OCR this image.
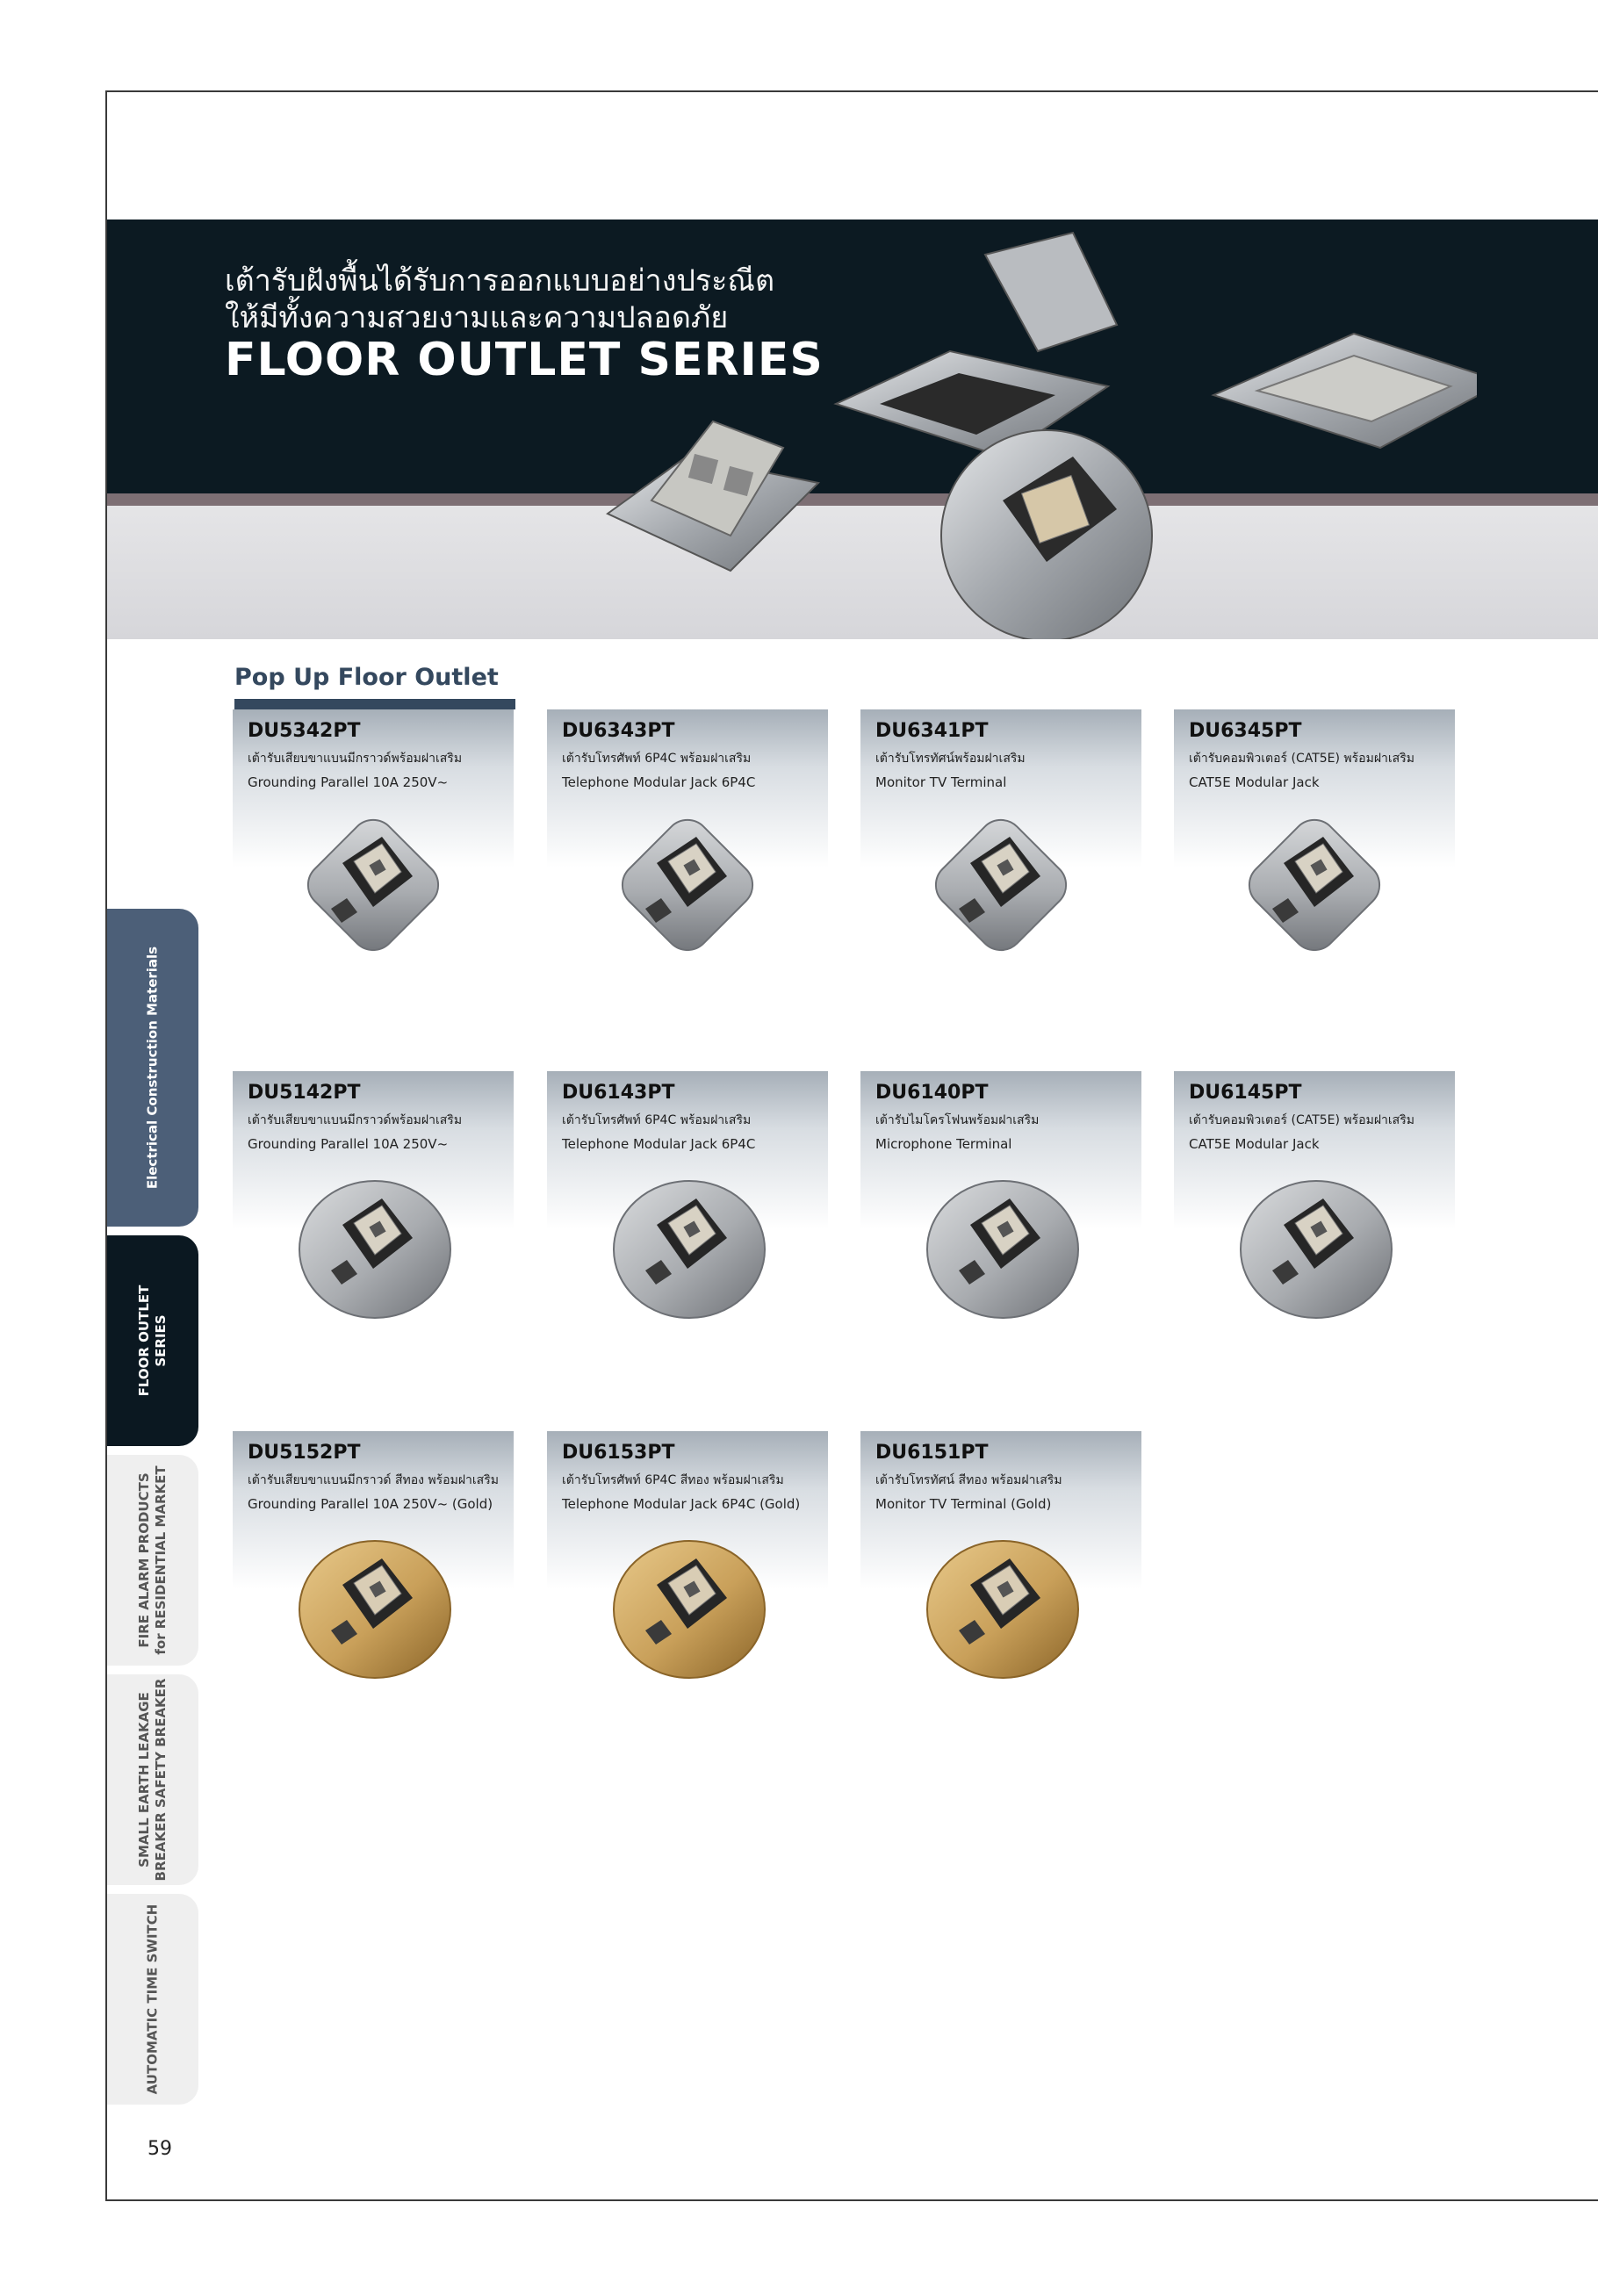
เต้ารับฝังพื้นได้รับการออกแบบอย่างประณีต
ให้มีทั้งความสวยงามและความปลอดภัย
FLOOR OUTLET SERIES
Pop Up Floor Outlet
DU5342PT
เต้ารับเสียบขาแบนมีกราวด์พร้อมฝาเสริม
Grounding Parallel 10A 250V~
DU6343PT
เต้ารับโทรศัพท์ 6P4C พร้อมฝาเสริม
Telephone Modular Jack 6P4C
DU6341PT
เต้ารับโทรทัศน์พร้อมฝาเสริม
Monitor TV Terminal
DU6345PT
เต้ารับคอมพิวเตอร์ (CAT5E) พร้อมฝาเสริม
CAT5E Modular Jack
DU5142PT
เต้ารับเสียบขาแบนมีกราวด์พร้อมฝาเสริม
Grounding Parallel 10A 250V~
DU6143PT
เต้ารับโทรศัพท์ 6P4C พร้อมฝาเสริม
Telephone Modular Jack 6P4C
DU6140PT
เต้ารับไมโครโฟนพร้อมฝาเสริม
Microphone Terminal
DU6145PT
เต้ารับคอมพิวเตอร์ (CAT5E) พร้อมฝาเสริม
CAT5E Modular Jack
DU5152PT
เต้ารับเสียบขาแบนมีกราวด์ สีทอง พร้อมฝาเสริม
Grounding Parallel 10A 250V~ (Gold)
DU6153PT
เต้ารับโทรศัพท์ 6P4C สีทอง พร้อมฝาเสริม
Telephone Modular Jack 6P4C (Gold)
DU6151PT
เต้ารับโทรทัศน์ สีทอง พร้อมฝาเสริม
Monitor TV Terminal (Gold)
Electrical Construction Materials
FLOOR OUTLET
SERIES
FIRE ALARM PRODUCTS
for RESIDENTIAL MARKET
SMALL EARTH LEAKAGE
BREAKER SAFETY BREAKER
AUTOMATIC TIME SWITCH
59
